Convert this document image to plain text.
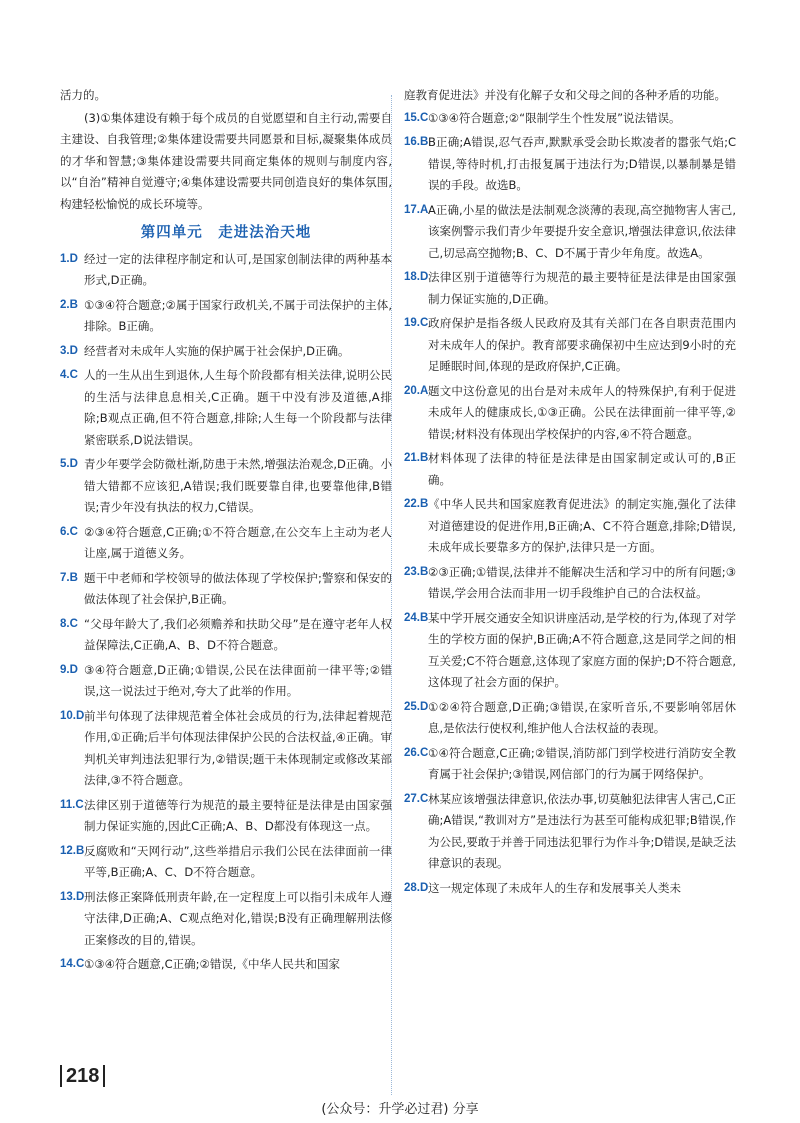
活力的。

(3)①集体建设有赖于每个成员的自觉愿望和自主行动,需要自主建设、自我管理;②集体建设需要共同愿景和目标,凝聚集体成员的才华和智慧;③集体建设需要共同商定集体的规则与制度内容,以“自治”精神自觉遵守;④集体建设需要共同创造良好的集体氛围,构建轻松愉悦的成长环境等。

第四单元　走进法治天地
1.D 经过一定的法律程序制定和认可,是国家创制法律的两种基本形式,D正确。
2.B ①③④符合题意;②属于国家行政机关,不属于司法保护的主体,排除。B正确。
3.D 经营者对未成年人实施的保护属于社会保护,D正确。
4.C 人的一生从出生到退休,人生每个阶段都有相关法律,说明公民的生活与法律息息相关,C正确。题干中没有涉及道德,A排除;B观点正确,但不符合题意,排除;人生每一个阶段都与法律紧密联系,D说法错误。
5.D 青少年要学会防微杜渐,防患于未然,增强法治观念,D正确。小错大错都不应该犯,A错误;我们既要靠自律,也要靠他律,B错误;青少年没有执法的权力,C错误。
6.C ②③④符合题意,C正确;①不符合题意,在公交车上主动为老人让座,属于道德义务。
7.B 题干中老师和学校领导的做法体现了学校保护;警察和保安的做法体现了社会保护,B正确。
8.C “父母年龄大了,我们必须赡养和扶助父母”是在遵守老年人权益保障法,C正确,A、B、D不符合题意。
9.D ③④符合题意,D正确;①错误,公民在法律面前一律平等;②错误,这一说法过于绝对,夸大了此举的作用。
10.D 前半句体现了法律规范着全体社会成员的行为,法律起着规范作用,①正确;后半句体现法律保护公民的合法权益,④正确。审判机关审判违法犯罪行为,②错误;题干未体现制定或修改某部法律,③不符合题意。
11.C 法律区别于道德等行为规范的最主要特征是法律是由国家强制力保证实施的,因此C正确;A、B、D都没有体现这一点。
12.B 反腐败和“天网行动”,这些举措启示我们公民在法律面前一律平等,B正确;A、C、D不符合题意。
13.D 刑法修正案降低刑责年龄,在一定程度上可以指引未成年人遵守法律,D正确;A、C观点绝对化,错误;B没有正确理解刑法修正案修改的目的,错误。
14.C ①③④符合题意,C正确;②错误,《中华人民共和国家

庭教育促进法》并没有化解子女和父母之间的各种矛盾的功能。

15.C ①③④符合题意;②“限制学生个性发展”说法错误。
16.B B正确;A错误,忍气吞声,默默承受会助长欺凌者的嚣张气焰;C错误,等待时机,打击报复属于违法行为;D错误,以暴制暴是错误的手段。故选B。
17.A A正确,小星的做法是法制观念淡薄的表现,高空抛物害人害己,该案例警示我们青少年要提升安全意识,增强法律意识,依法律己,切忌高空抛物;B、C、D不属于青少年角度。故选A。
18.D 法律区别于道德等行为规范的最主要特征是法律是由国家强制力保证实施的,D正确。
19.C 政府保护是指各级人民政府及其有关部门在各自职责范围内对未成年人的保护。教育部要求确保初中生应达到9小时的充足睡眠时间,体现的是政府保护,C正确。
20.A 题文中这份意见的出台是对未成年人的特殊保护,有利于促进未成年人的健康成长,①③正确。公民在法律面前一律平等,②错误;材料没有体现出学校保护的内容,④不符合题意。
21.B 材料体现了法律的特征是法律是由国家制定或认可的,B正确。
22.B 《中华人民共和国家庭教育促进法》的制定实施,强化了法律对道德建设的促进作用,B正确;A、C不符合题意,排除;D错误,未成年成长要靠多方的保护,法律只是一方面。
23.B ②③正确;①错误,法律并不能解决生活和学习中的所有问题;③错误,学会用合法而非用一切手段维护自己的合法权益。
24.B 某中学开展交通安全知识讲座活动,是学校的行为,体现了对学生的学校方面的保护,B正确;A不符合题意,这是同学之间的相互关爱;C不符合题意,这体现了家庭方面的保护;D不符合题意,这体现了社会方面的保护。
25.D ①②④符合题意,D正确;③错误,在家听音乐,不要影响邻居休息,是依法行使权利,维护他人合法权益的表现。
26.C ①④符合题意,C正确;②错误,消防部门到学校进行消防安全教育属于社会保护;③错误,网信部门的行为属于网络保护。
27.C 林某应该增强法律意识,依法办事,切莫触犯法律害人害己,C正确;A错误,“教训对方”是违法行为甚至可能构成犯罪;B错误,作为公民,要敢于并善于同违法犯罪行为作斗争;D错误,是缺乏法律意识的表现。
28.D 这一规定体现了未成年人的生存和发展事关人类未
218
(公众号：升学必过君) 分享
